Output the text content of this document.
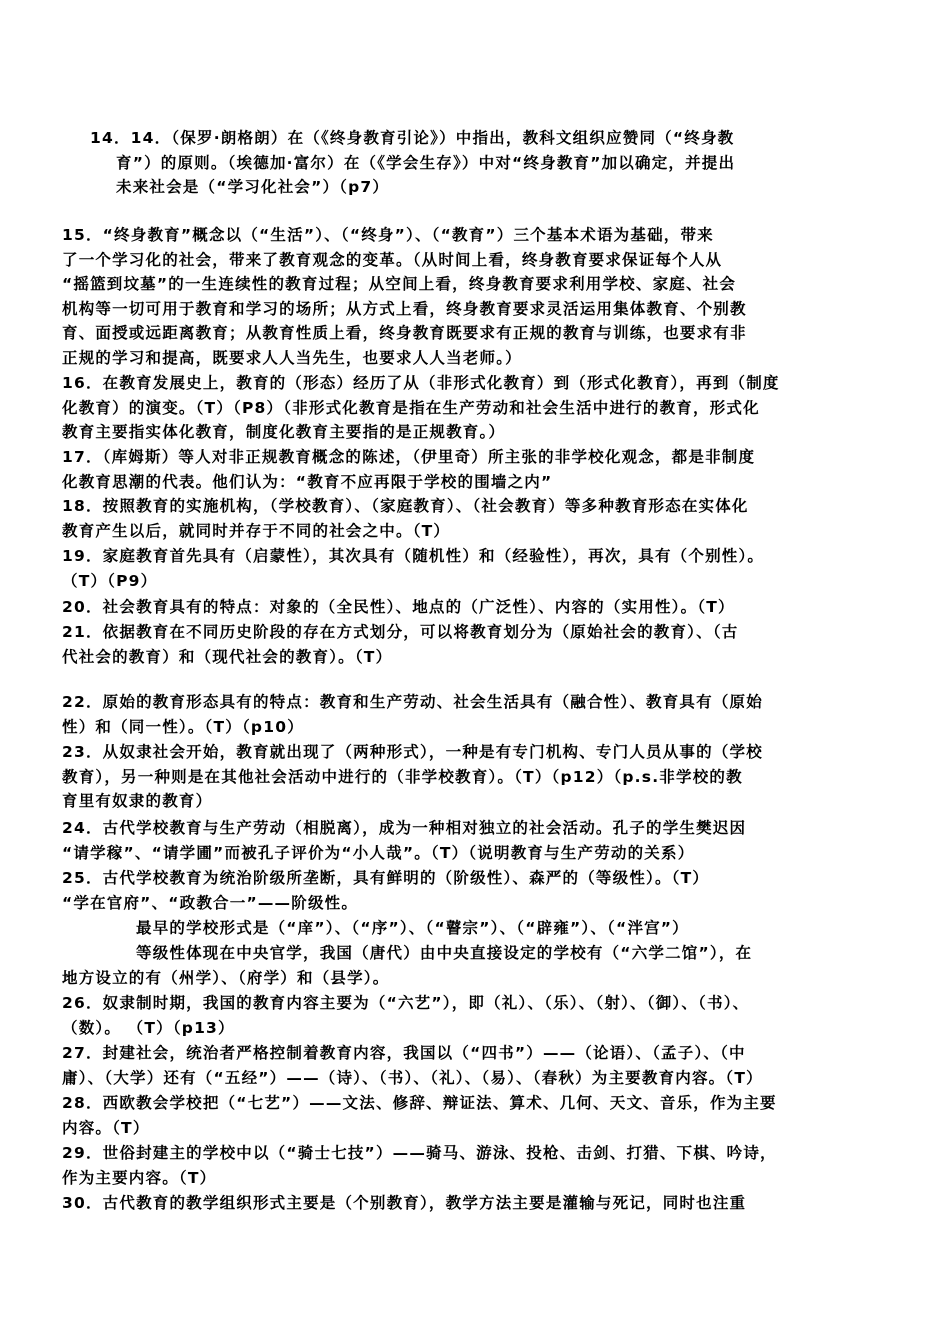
14．14．（保罗·朗格朗）在（《终身教育引论》）中指出，教科文组织应赞同（“终身教
育”）的原则。（埃德加·富尔）在（《学会生存》）中对“终身教育”加以确定，并提出
未来社会是（“学习化社会”）（p7）
15．“终身教育”概念以（“生活”）、（“终身”）、（“教育”）三个基本术语为基础，带来
了一个学习化的社会，带来了教育观念的变革。（从时间上看，终身教育要求保证每个人从
“摇篮到坟墓”的一生连续性的教育过程；从空间上看，终身教育要求利用学校、家庭、社会
机构等一切可用于教育和学习的场所；从方式上看，终身教育要求灵活运用集体教育、个别教
育、面授或远距离教育；从教育性质上看，终身教育既要求有正规的教育与训练，也要求有非
正规的学习和提高，既要求人人当先生，也要求人人当老师。）
16．在教育发展史上，教育的（形态）经历了从（非形式化教育）到（形式化教育），再到（制度
化教育）的演变。（T）（P8）（非形式化教育是指在生产劳动和社会生活中进行的教育，形式化
教育主要指实体化教育，制度化教育主要指的是正规教育。）
17．（库姆斯）等人对非正规教育概念的陈述，（伊里奇）所主张的非学校化观念，都是非制度
化教育思潮的代表。他们认为：“教育不应再限于学校的围墙之内”
18．按照教育的实施机构，（学校教育）、（家庭教育）、（社会教育）等多种教育形态在实体化
教育产生以后，就同时并存于不同的社会之中。（T）
19．家庭教育首先具有（启蒙性），其次具有（随机性）和（经验性），再次，具有（个别性）。
（T）（P9）
20．社会教育具有的特点：对象的（全民性）、地点的（广泛性）、内容的（实用性）。（T）
21．依据教育在不同历史阶段的存在方式划分，可以将教育划分为（原始社会的教育）、（古
代社会的教育）和（现代社会的教育）。（T）
22．原始的教育形态具有的特点：教育和生产劳动、社会生活具有（融合性）、教育具有（原始
性）和（同一性）。（T）（p10）
23．从奴隶社会开始，教育就出现了（两种形式），一种是有专门机构、专门人员从事的（学校
教育），另一种则是在其他社会活动中进行的（非学校教育）。（T）（p12）（p.s.非学校的教
育里有奴隶的教育）
24．古代学校教育与生产劳动（相脱离），成为一种相对独立的社会活动。孔子的学生樊迟因
“请学稼”、“请学圃”而被孔子评价为“小人哉”。（T）（说明教育与生产劳动的关系）
25．古代学校教育为统治阶级所垄断，具有鲜明的（阶级性）、森严的（等级性）。（T）
“学在官府”、“政教合一”——阶级性。
最早的学校形式是（“庠”）、（“序”）、（“瞽宗”）、（“辟雍”）、（“泮宫”）
等级性体现在中央官学，我国（唐代）由中央直接设定的学校有（“六学二馆”），在
地方设立的有（州学）、（府学）和（县学）。
26．奴隶制时期，我国的教育内容主要为（“六艺”），即（礼）、（乐）、（射）、（御）、（书）、
（数）。 （T）（p13）
27．封建社会，统治者严格控制着教育内容，我国以（“四书”）——（论语）、（孟子）、（中
庸）、（大学）还有（“五经”）——（诗）、（书）、（礼）、（易）、（春秋）为主要教育内容。（T）
28．西欧教会学校把（“七艺”）——文法、修辞、辩证法、算术、几何、天文、音乐，作为主要
内容。（T）
29．世俗封建主的学校中以（“骑士七技”）——骑马、游泳、投枪、击剑、打猎、下棋、吟诗，
作为主要内容。（T）
30．古代教育的教学组织形式主要是（个别教育），教学方法主要是灌输与死记，同时也注重
